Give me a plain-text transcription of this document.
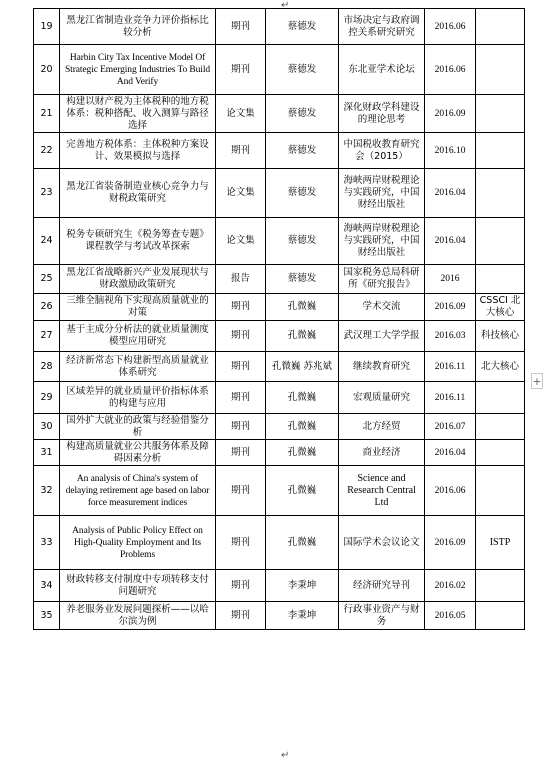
↵
19	黑龙江省制造业竞争力评价指标比较分析	期刊	蔡德发	市场决定与政府调控关系研究研究	2016.06	
20	Harbin City Tax Incentive Model Of Strategic Emerging Industries To Build And Verify	期刊	蔡德发	东北亚学术论坛	2016.06	
21	构建以财产税为主体税种的地方税体系：税种搭配、收入测算与路径选择	论文集	蔡德发	深化财政学科建设的理论思考	2016.09	
22	完善地方税体系：主体税种方案设计、效果模拟与选择	期刊	蔡德发	中国税收教育研究会（2015）	2016.10	
23	黑龙江省装备制造业核心竞争力与财税政策研究	论文集	蔡德发	海峡两岸财税理论与实践研究，中国财经出版社	2016.04	
24	税务专硕研究生《税务筹查专题》课程教学与考试改革探索	论文集	蔡德发	海峡两岸财税理论与实践研究，中国财经出版社	2016.04	
25	黑龙江省战略新兴产业发展现状与财政激励政策研究	报告	蔡德发	国家税务总局科研所《研究报告》	2016	
26	三维全脑视角下实现高质量就业的对策	期刊	孔微巍	学术交流	2016.09	CSSCI 北大核心
27	基于主成分分析法的就业质量测度模型应用研究	期刊	孔微巍	武汉理工大学学报	2016.03	科技核心
28	经济新常态下构建新型高质量就业体系研究	期刊	孔微巍 苏兆斌	继续教育研究	2016.11	北大核心
29	区域差异的就业质量评价指标体系的构建与应用	期刊	孔微巍	宏观质量研究	2016.11	
30	国外扩大就业的政策与经验借鉴分析	期刊	孔微巍	北方经贸	2016.07	
31	构建高质量就业公共服务体系及障碍因素分析	期刊	孔微巍	商业经济	2016.04	
32	An analysis of China's system of delaying retirement age based on labor force measurement indices	期刊	孔微巍	Science and Research Central Ltd	2016.06	
33	Analysis of Public Policy Effect on High-Quality Employment and Its Problems	期刊	孔微巍	国际学术会议论文	2016.09	ISTP
34	财政转移支付制度中专项转移支付问题研究	期刊	李秉坤	经济研究导刊	2016.02	
35	养老服务业发展问题探析——以哈尔滨为例	期刊	李秉坤	行政事业资产与财务	2016.05	
↵
+
